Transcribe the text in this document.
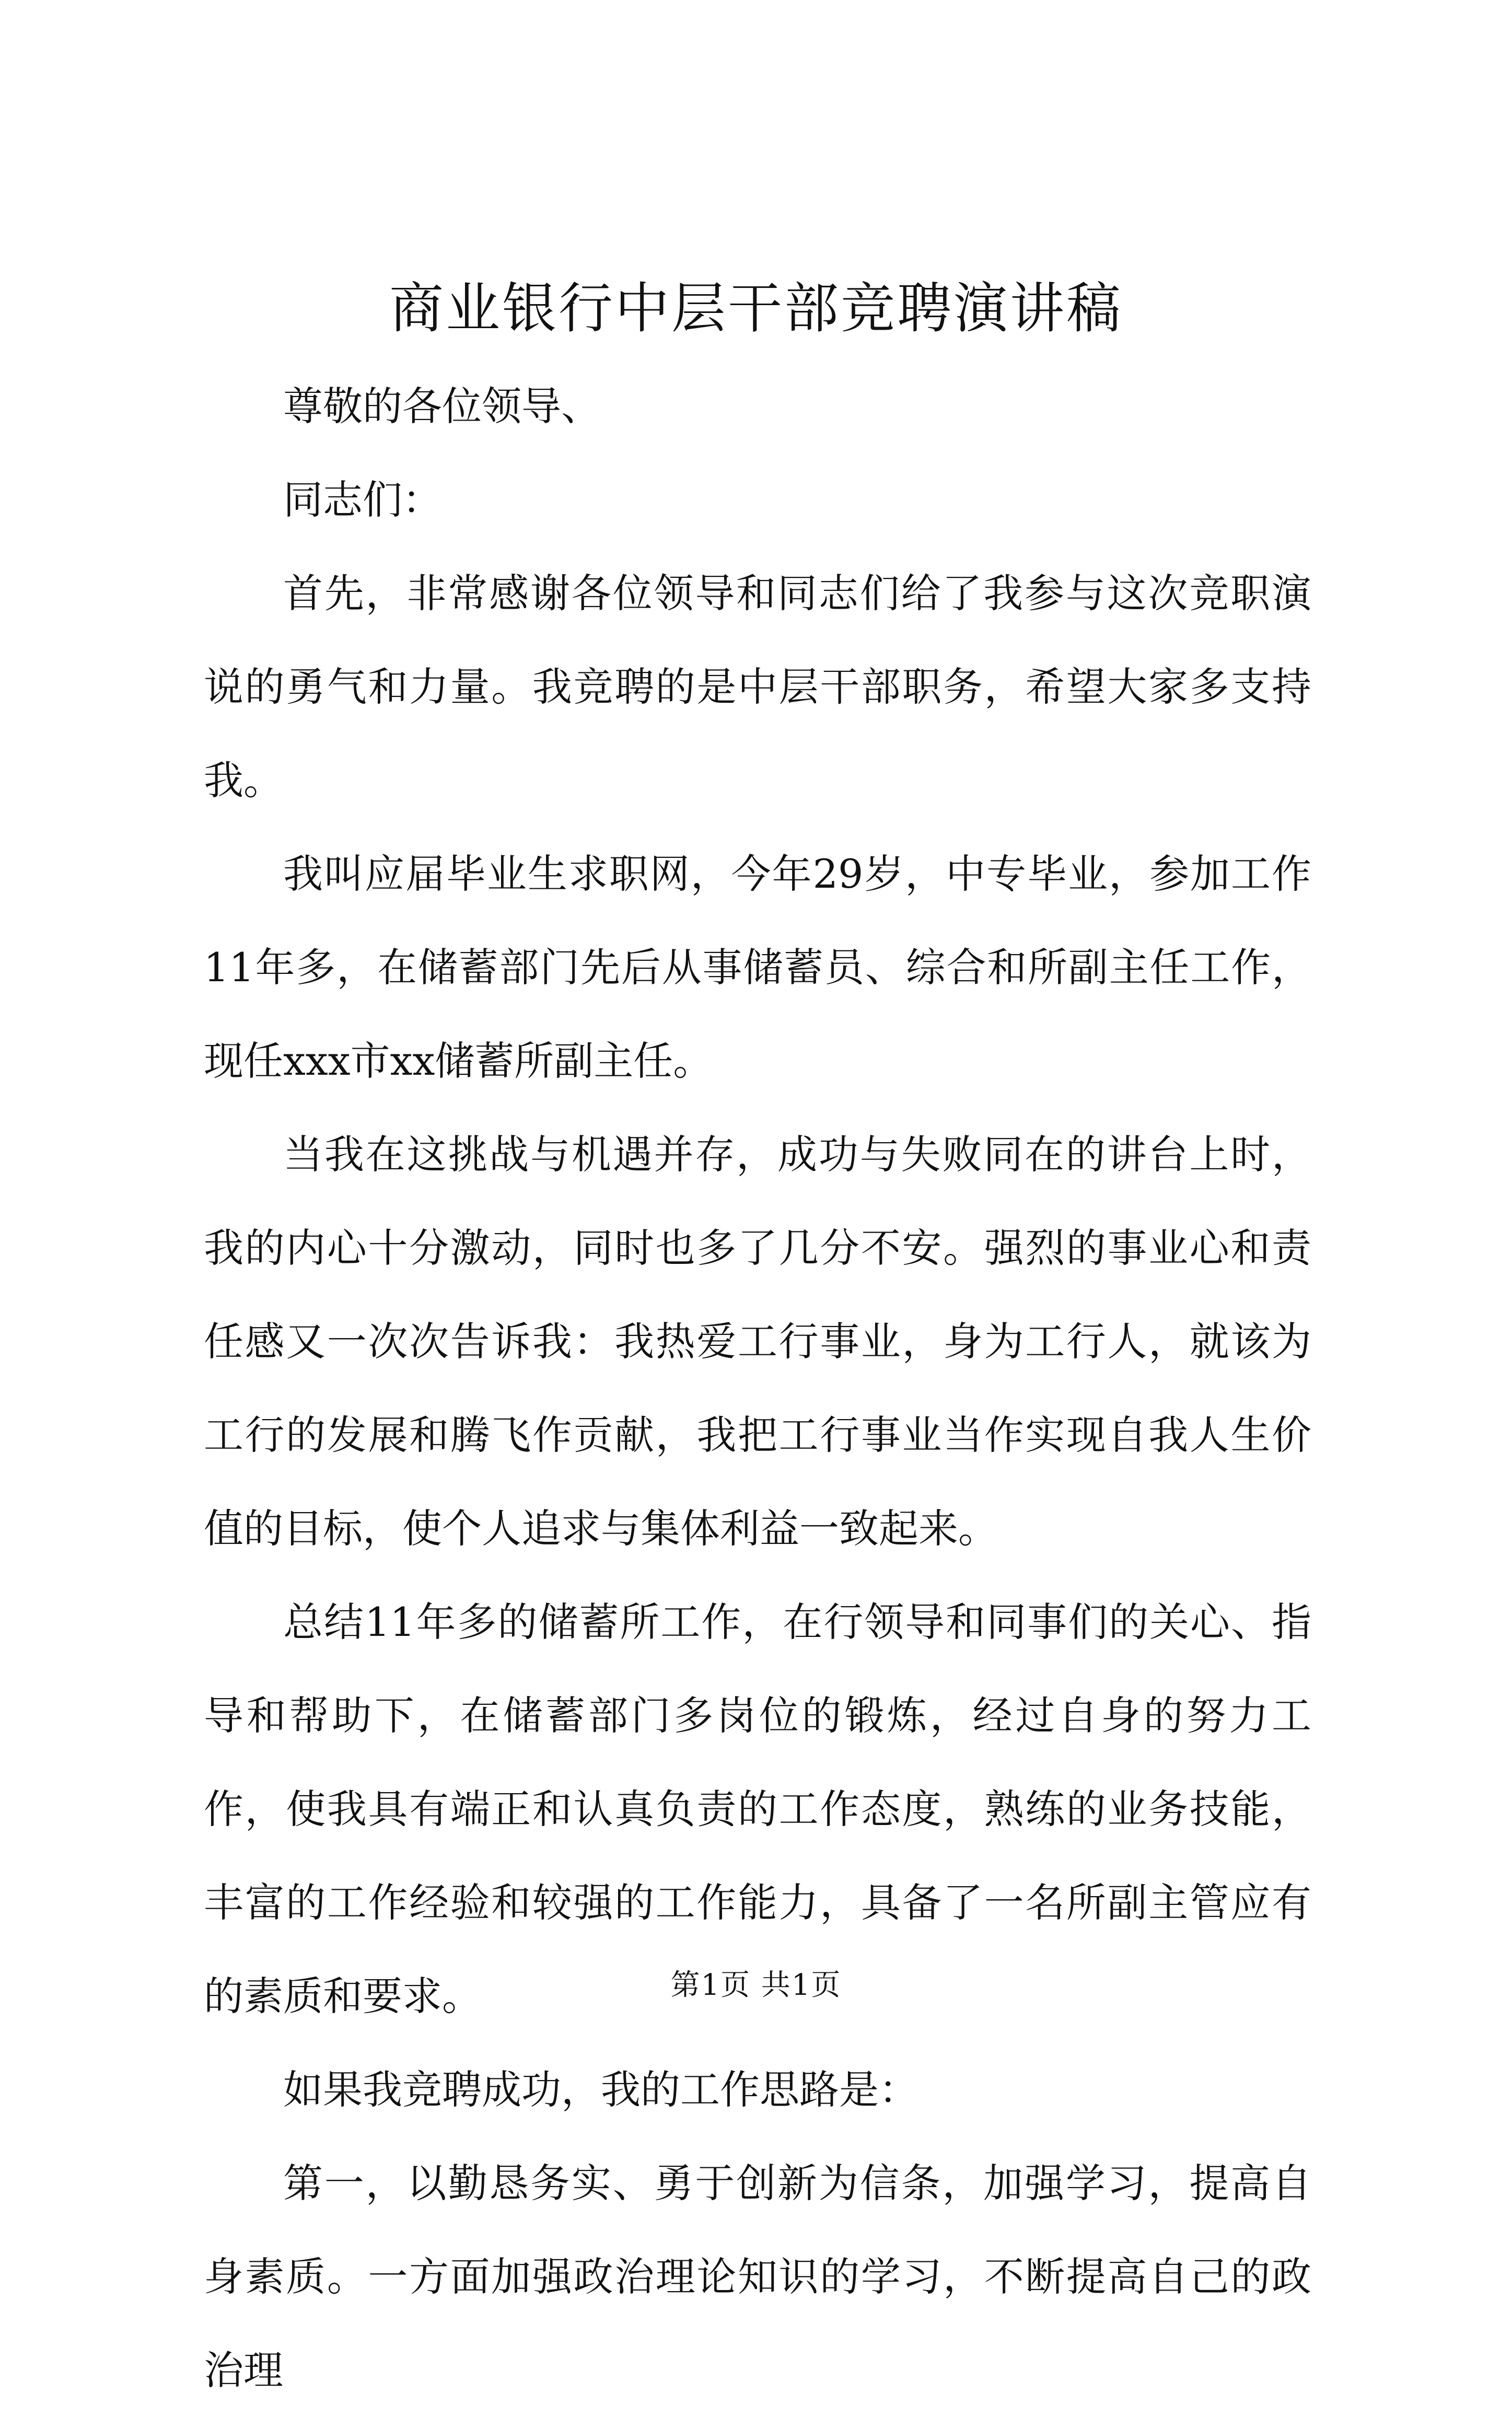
商业银行中层干部竞聘演讲稿

尊敬的各位领导、

同志们：

首先，非常感谢各位领导和同志们给了我参与这次竞职演说的勇气和力量。我竞聘的是中层干部职务，希望大家多支持我。

我叫应届毕业生求职网，今年29岁，中专毕业，参加工作11年多，在储蓄部门先后从事储蓄员、综合和所副主任工作，现任xxx市xx储蓄所副主任。

当我在这挑战与机遇并存，成功与失败同在的讲台上时，我的内心十分激动，同时也多了几分不安。强烈的事业心和责任感又一次次告诉我：我热爱工行事业，身为工行人，就该为工行的发展和腾飞作贡献，我把工行事业当作实现自我人生价值的目标，使个人追求与集体利益一致起来。

总结11年多的储蓄所工作，在行领导和同事们的关心、指导和帮助下，在储蓄部门多岗位的锻炼，经过自身的努力工作，使我具有端正和认真负责的工作态度，熟练的业务技能，丰富的工作经验和较强的工作能力，具备了一名所副主管应有的素质和要求。

如果我竞聘成功，我的工作思路是：

第一，以勤恳务实、勇于创新为信条，加强学习，提高自身素质。一方面加强政治理论知识的学习，不断提高自己的政治理

第1页 共1页
